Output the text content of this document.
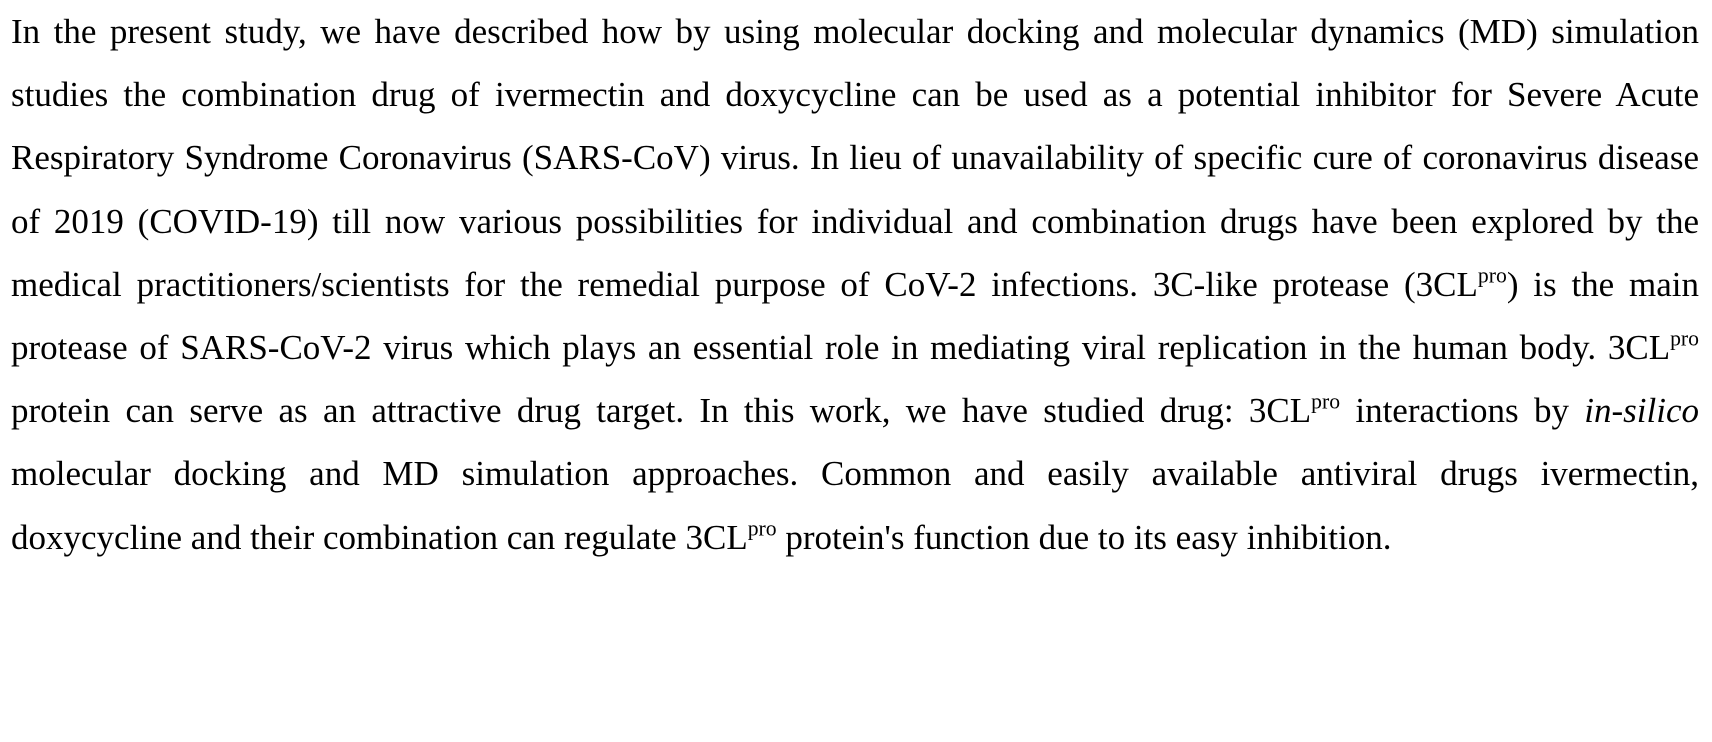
In the present study, we have described how by using molecular docking and molecular dynamics (MD) simulation studies the combination drug of ivermectin and doxycycline can be used as a potential inhibitor for Severe Acute Respiratory Syndrome Coronavirus (SARS-CoV) virus. In lieu of unavailability of specific cure of coronavirus disease of 2019 (COVID-19) till now various possibilities for individual and combination drugs have been explored by the medical practitioners/scientists for the remedial purpose of CoV-2 infections. 3C-like protease $(3CL^{pro})$ is the main protease of SARS-CoV-2 virus which plays an essential role in mediating viral replication in the human body. $3CL^{pro}$ protein can serve as an attractive drug target. In this work, we have studied drug: $3CL^{pro}$ interactions by in-silico molecular docking and MD simulation approaches. Common and easily available antiviral drugs ivermectin, doxycycline and their combination can regulate $3CL^{pro}$ protein's function due to its easy inhibition.
